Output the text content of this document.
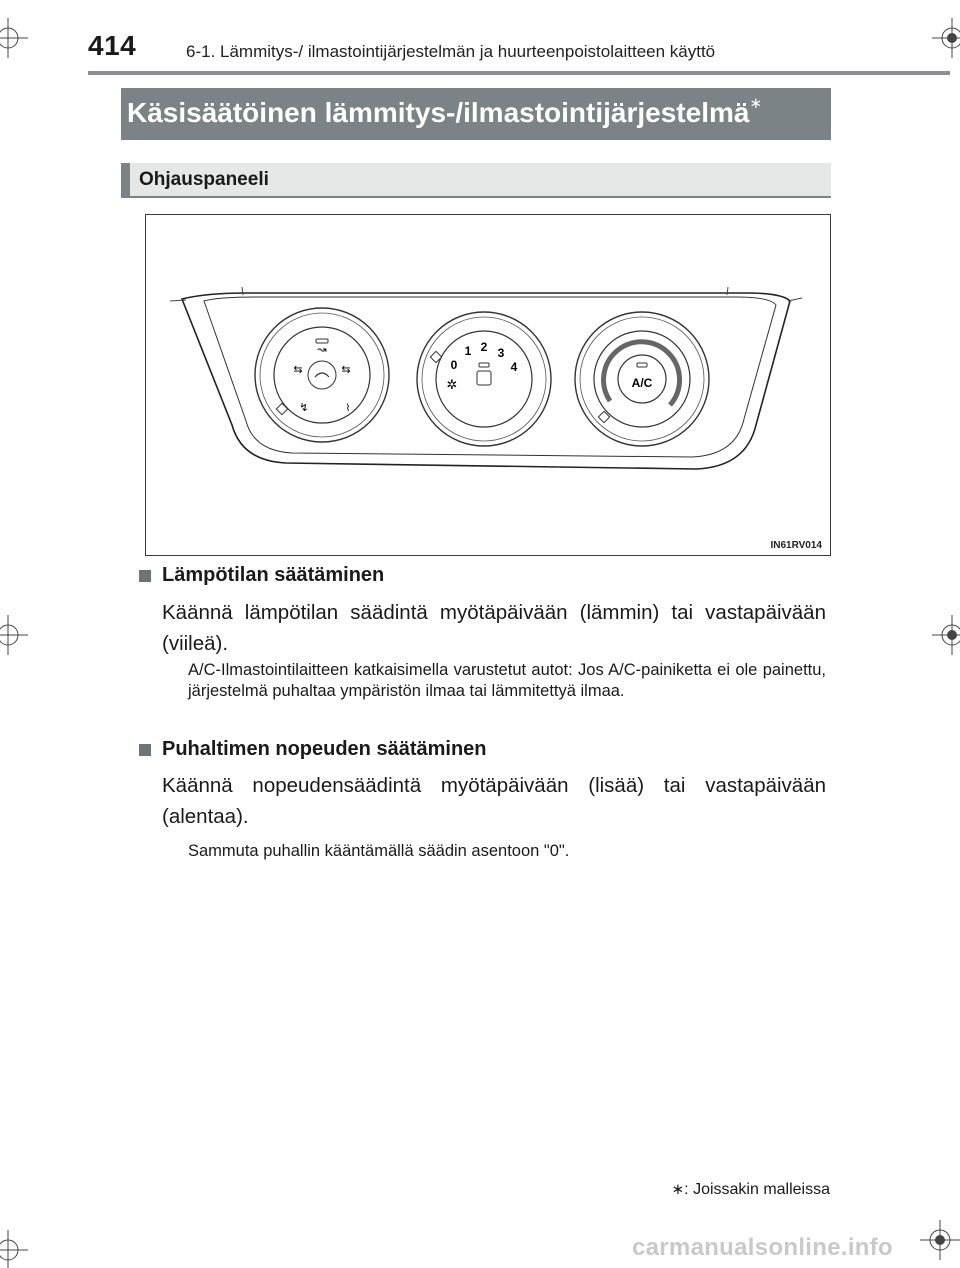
414	6-1. Lämmitys-/ ilmastointijärjestelmän ja huurteenpoistolaitteen käyttö
Käsisäätöinen lämmitys-/ilmastointijärjestelmä∗
Ohjauspaneeli
⇆	⇆
↝
↯	⌇
✲
0
1 2 3
4
A/C
IN61RV014
Lämpötilan säätäminen
Käännä lämpötilan säädintä myötäpäivään (lämmin) tai vastapäivään (viileä).
A/C-Ilmastointilaitteen katkaisimella varustetut autot: Jos A/C-painiketta ei ole painettu, järjestelmä puhaltaa ympäristön ilmaa tai lämmitettyä ilmaa.
Puhaltimen nopeuden säätäminen
Käännä nopeudensäädintä myötäpäivään (lisää) tai vastapäivään (alentaa).
Sammuta puhallin kääntämällä säädin asentoon "0".
∗: Joissakin malleissa
carmanualsonline.info
